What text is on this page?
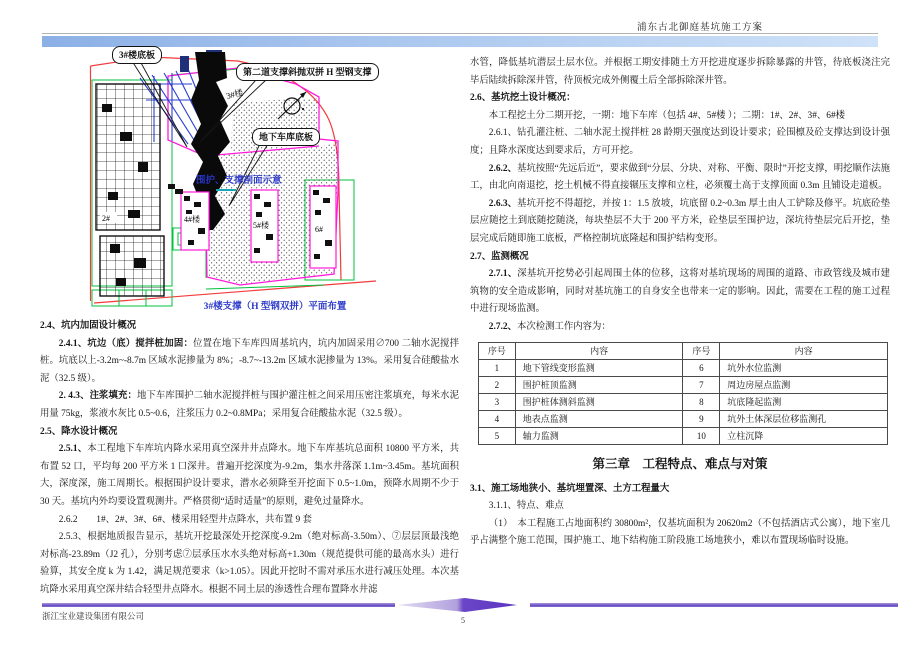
浦东古北御庭基坑施工方案
2#
3#楼
4#楼
5#楼	6#
3#楼底板
第二道支撑斜抛双拼 H 型钢支撑
地下车库底板
围护、支撑剖面示意
3#楼支撑（H 型钢双拼）平面布置
2.4、坑内加固设计概况
2.4.1、坑边（底）搅拌桩加固：位置在地下车库四周基坑内，坑内加固采用∅700 二轴水泥搅拌桩。坑底以上-3.2m~-8.7m 区域水泥掺量为 8%；-8.7~-13.2m 区域水泥掺量为 13%。采用复合硅酸盐水泥（32.5 级）。
2. 4.3、注浆填充：地下车库围护二轴水泥搅拌桩与围护灌注桩之间采用压密注浆填充，每米水泥用量 75kg，浆液水灰比 0.5~0.6，注浆压力 0.2~0.8MPa；采用复合硅酸盐水泥（32.5 级）。
2.5、降水设计概况
2.5.1、本工程地下车库坑内降水采用真空深井井点降水。地下车库基坑总面积 10800 平方米，共布置 52 口，平均每 200 平方米 1 口深井。普遍开挖深度为-9.2m，集水井落深 1.1m~3.45m。基坑面积大，深度深，施工周期长。根据围护设计要求，潜水必须降至开挖面下 0.5~1.0m，预降水周期不少于 30 天。基坑内外均要设置观测井。严格贯彻“适时适量”的原则，避免过量降水。
2.6.2　　1#、2#、3#、6#、楼采用轻型井点降水，共布置 9 套
2.5.3、根据地质报告显示，基坑开挖最深处开挖深度-9.2m（绝对标高-3.50m）、⑦层层顶最浅绝对标高-23.89m（J2 孔），分别考虑⑦层承压水水头绝对标高+1.30m（规范提供可能的最高水头）进行验算，其安全度 k 为 1.42，满足规范要求（k>1.05）。因此开挖时不需对承压水进行减压处理。本次基坑降水采用真空深井结合轻型井点降水。根据不同土层的渗透性合理布置降水井滤
水管，降低基坑潜层土层水位。并根据工期安排随土方开挖进度逐步拆除暴露的井管，待底板浇注完毕后陆续拆除深井管，待顶板完成外侧覆土后全部拆除深井管。
2.6、基坑挖土设计概况：
本工程挖土分二期开挖，一期：地下车库（包括 4#、5#楼 ）；二期：1#、2#、3#、6#楼
2.6.1、钻孔灌注桩、二轴水泥土搅拌桩 28 龄期天强度达到设计要求；砼围檩及砼支撑达到设计强度；且降水深度达到要求后，方可开挖。
2.6.2、基坑按照“先远后近”，要求做到“分层、分块、对称、平衡、限时”开挖支撑，明挖顺作法施工，由北向南退挖，挖土机械不得直接辗压支撑和立柱，必须覆土高于支撑顶面 0.3m 且铺设走道板。
2.6.3、基坑开挖不得超挖，并按 1：1.5 放坡，坑底留 0.2~0.3m 厚土由人工铲除及修平。坑底砼垫层应随挖土到底随挖随浇，每块垫层不大于 200 平方米，砼垫层至围护边，深坑待垫层完后开挖，垫层完成后随即施工底板，严格控制坑底隆起和围护结构变形。
2.7、监测概况
2.7.1、深基坑开挖势必引起周围土体的位移，这将对基坑现场的周围的道路、市政管线及城市建筑物的安全造成影响，同时对基坑施工的自身安全也带来一定的影响。因此，需要在工程的施工过程中进行现场监测。
2.7.2、本次检测工作内容为：
序号	内容	序号	内容
1	地下管线变形监测	6	坑外水位监测
2	围护桩顶监测	7	周边房屋点监测
3	围护桩体测斜监测	8	坑底隆起监测
4	地表点监测	9	坑外土体深层位移监测孔
5	轴力监测	10	立柱沉降
第三章　工程特点、难点与对策
3.1、施工场地狭小、基坑埋置深、土方工程量大
3.1.1、特点、难点
（1）　本工程施工占地面积约 30800m²，仅基坑面积为 20620m2（不包括酒店式公寓），地下室几乎占满整个施工范围，围护施工、地下结构施工阶段施工场地狭小，难以布置现场临时设施。
浙江宝业建设集团有限公司	5
